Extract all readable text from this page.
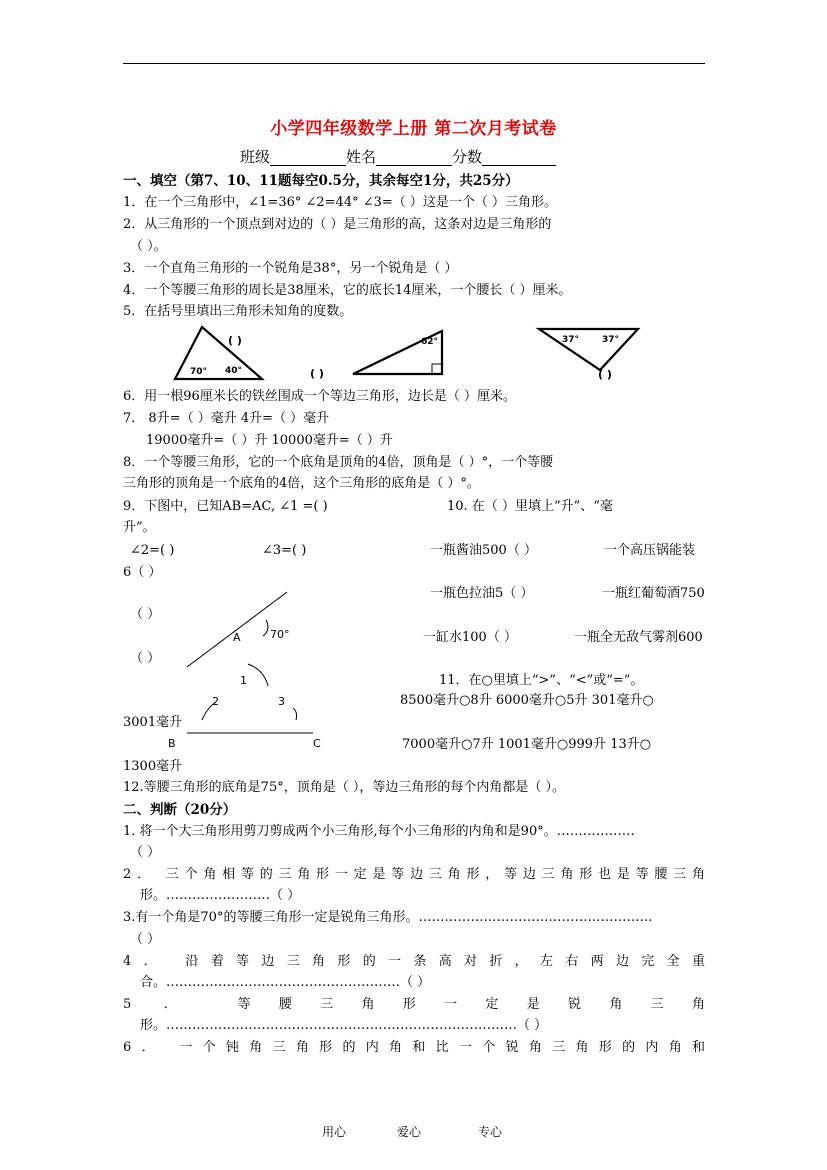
小学四年级数学上册 第二次月考试卷
班级	姓名	分数
一、填空（第7、10、11题每空0.5分，其余每空1分，共25分）
1．在一个三角形中，∠1=36° ∠2=44° ∠3=（ ）这是一个（ ）三角形。
2．从三角形的一个顶点到对边的（ ）是三角形的高，这条对边是三角形的
（ ）。
3．一个直角三角形的一个锐角是38°，另一个锐角是（ ）
4．一个等腰三角形的周长是38厘米，它的底长14厘米，一个腰长（ ）厘米。
5．在括号里填出三角形未知角的度数。
70° 40°
( )
( )
62°	37°	37°
( )
6．用一根96厘米长的铁丝围成一个等边三角形，边长是（ ）厘米。
7． 8升=（ ）毫升 4升=（ ）毫升
19000毫升=（ ）升 10000毫升=（ ）升
8．一个等腰三角形，它的一个底角是顶角的4倍，顶角是（ ）°，一个等腰
三角形的顶角是一个底角的4倍，这个三角形的底角是（ ）°。
9．下图中，已知AB=AC, ∠1 =( )	10. 在（ ）里填上“升”、“毫
升”。
∠2=( )	∠3=( )	一瓶酱油500（ ）	一个高压锅能装
6（ ）
一瓶色拉油5（ ）	一瓶红葡萄酒750
（ ）
一缸水100（ ）	一瓶全无敌气雾剂600
（ ）
A	70°
1
2	3
B	C
11．在○里填上“>”、“<”或“=”。
8500毫升○8升 6000毫升○5升 301毫升○
3001毫升
7000毫升○7升 1001毫升○999升 13升○
1300毫升
12.等腰三角形的底角是75°，顶角是（ ），等边三角形的每个内角都是（ ）。
二、判断（20分）
1. 将一个大三角形用剪刀剪成两个小三角形,每个小三角形的内角和是90°。………………
（ ）
2． 三个角相等的三角形一定是等边三角形，等边三角形也是等腰三角
形。……………………（ ）
3.有一个角是70°的等腰三角形一定是锐角三角形。………………………………………………
（ ）
4． 沿着等边三角形的一条高对折，左右两边完全重
合。………………………………………………（ ）
5 ． 等腰三角形一定是锐角三角
形。………………………………………………………………………（ ）
6． 一个钝角三角形的内角和比一个锐角三角形的内角和
用心	爱心	专心
